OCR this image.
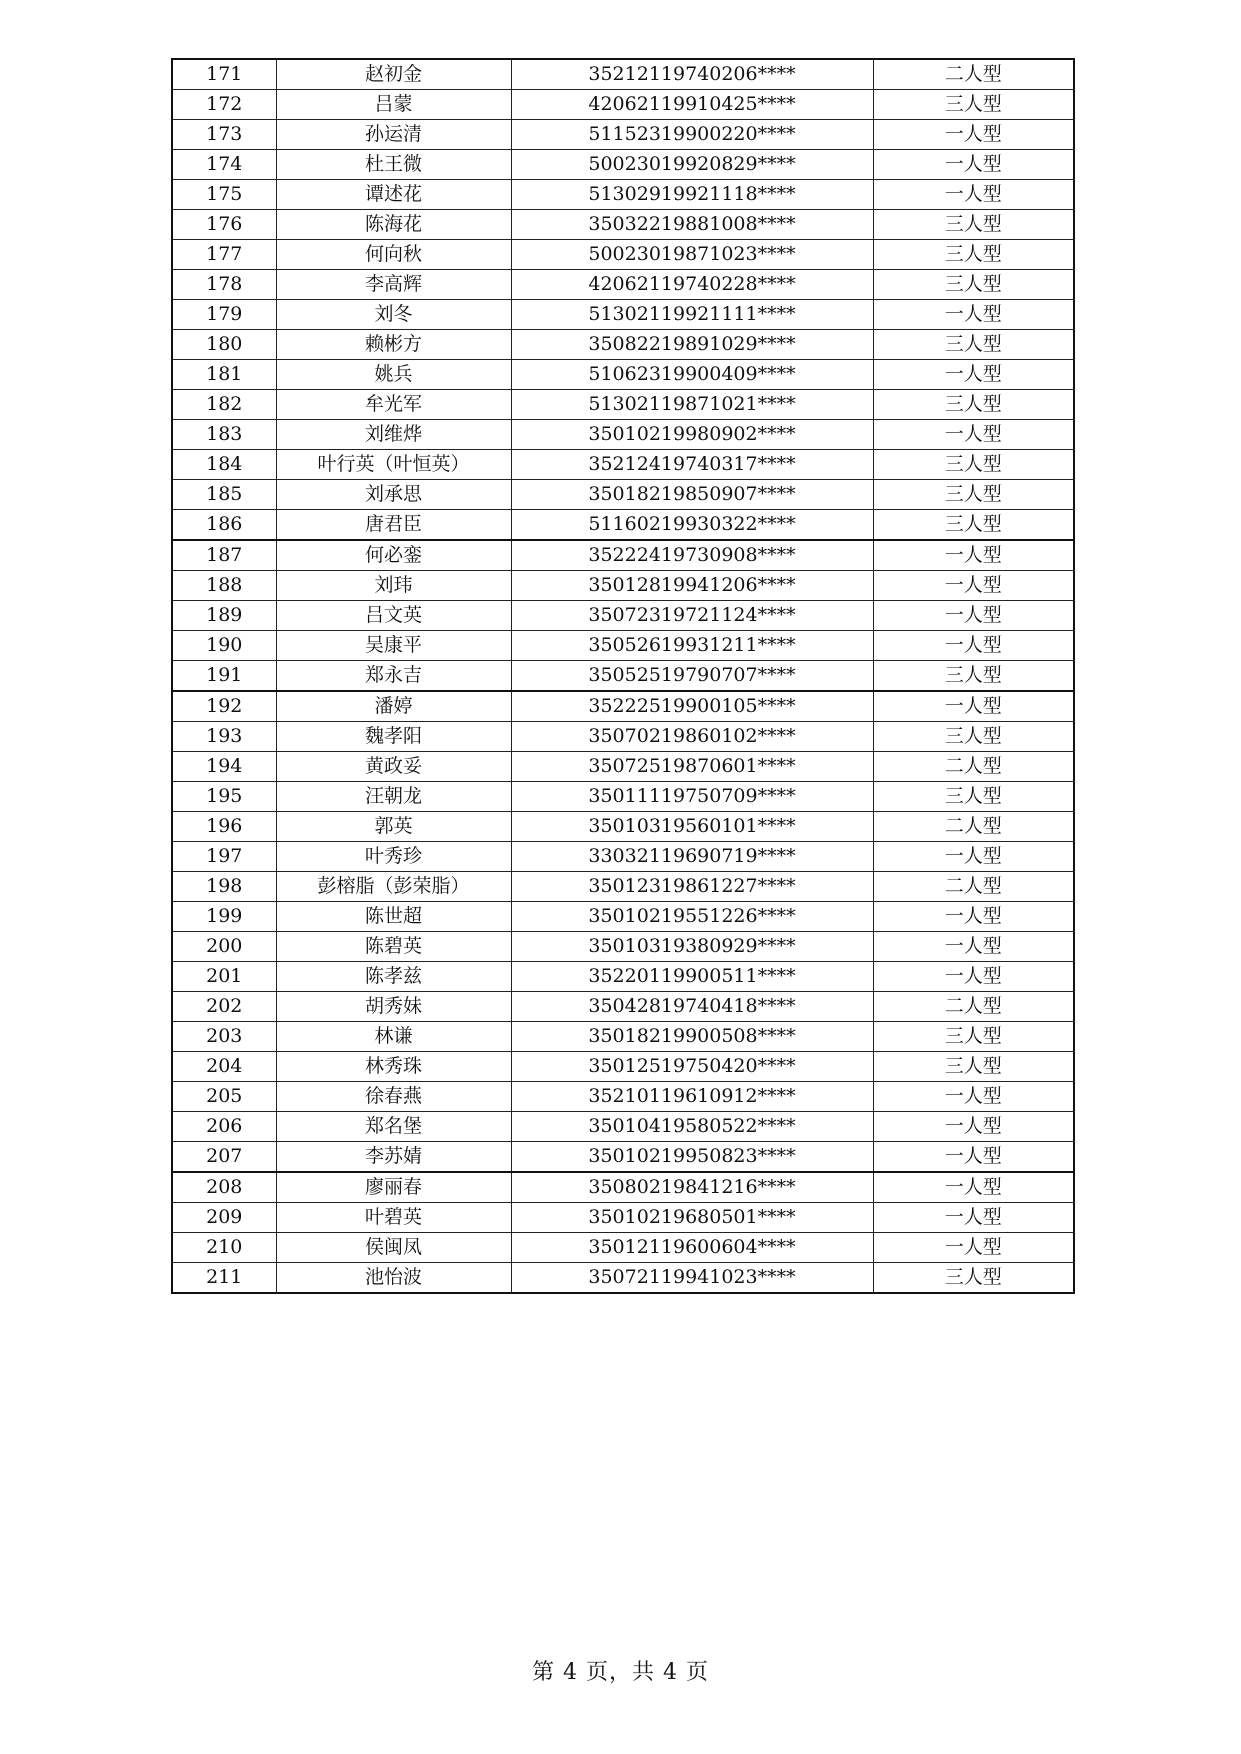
171	赵初金	35212119740206****	二人型
172	吕蒙	42062119910425****	三人型
173	孙运清	51152319900220****	一人型
174	杜王微	50023019920829****	一人型
175	谭述花	51302919921118****	一人型
176	陈海花	35032219881008****	三人型
177	何向秋	50023019871023****	三人型
178	李高辉	42062119740228****	三人型
179	刘冬	51302119921111****	一人型
180	赖彬方	35082219891029****	三人型
181	姚兵	51062319900409****	一人型
182	牟光军	51302119871021****	三人型
183	刘维烨	35010219980902****	一人型
184	叶行英（叶恒英）	35212419740317****	三人型
185	刘承思	35018219850907****	三人型
186	唐君臣	51160219930322****	三人型
187	何必銮	35222419730908****	一人型
188	刘玮	35012819941206****	一人型
189	吕文英	35072319721124****	一人型
190	吴康平	35052619931211****	一人型
191	郑永吉	35052519790707****	三人型
192	潘婷	35222519900105****	一人型
193	魏孝阳	35070219860102****	三人型
194	黄政妥	35072519870601****	二人型
195	汪朝龙	35011119750709****	三人型
196	郭英	35010319560101****	二人型
197	叶秀珍	33032119690719****	一人型
198	彭榕脂（彭荣脂）	35012319861227****	二人型
199	陈世超	35010219551226****	一人型
200	陈碧英	35010319380929****	一人型
201	陈孝兹	35220119900511****	一人型
202	胡秀妹	35042819740418****	二人型
203	林谦	35018219900508****	三人型
204	林秀珠	35012519750420****	三人型
205	徐春燕	35210119610912****	一人型
206	郑名堡	35010419580522****	一人型
207	李苏婧	35010219950823****	一人型
208	廖丽春	35080219841216****	一人型
209	叶碧英	35010219680501****	一人型
210	侯闽凤	35012119600604****	一人型
211	池怡波	35072119941023****	三人型
第 4 页，共 4 页
